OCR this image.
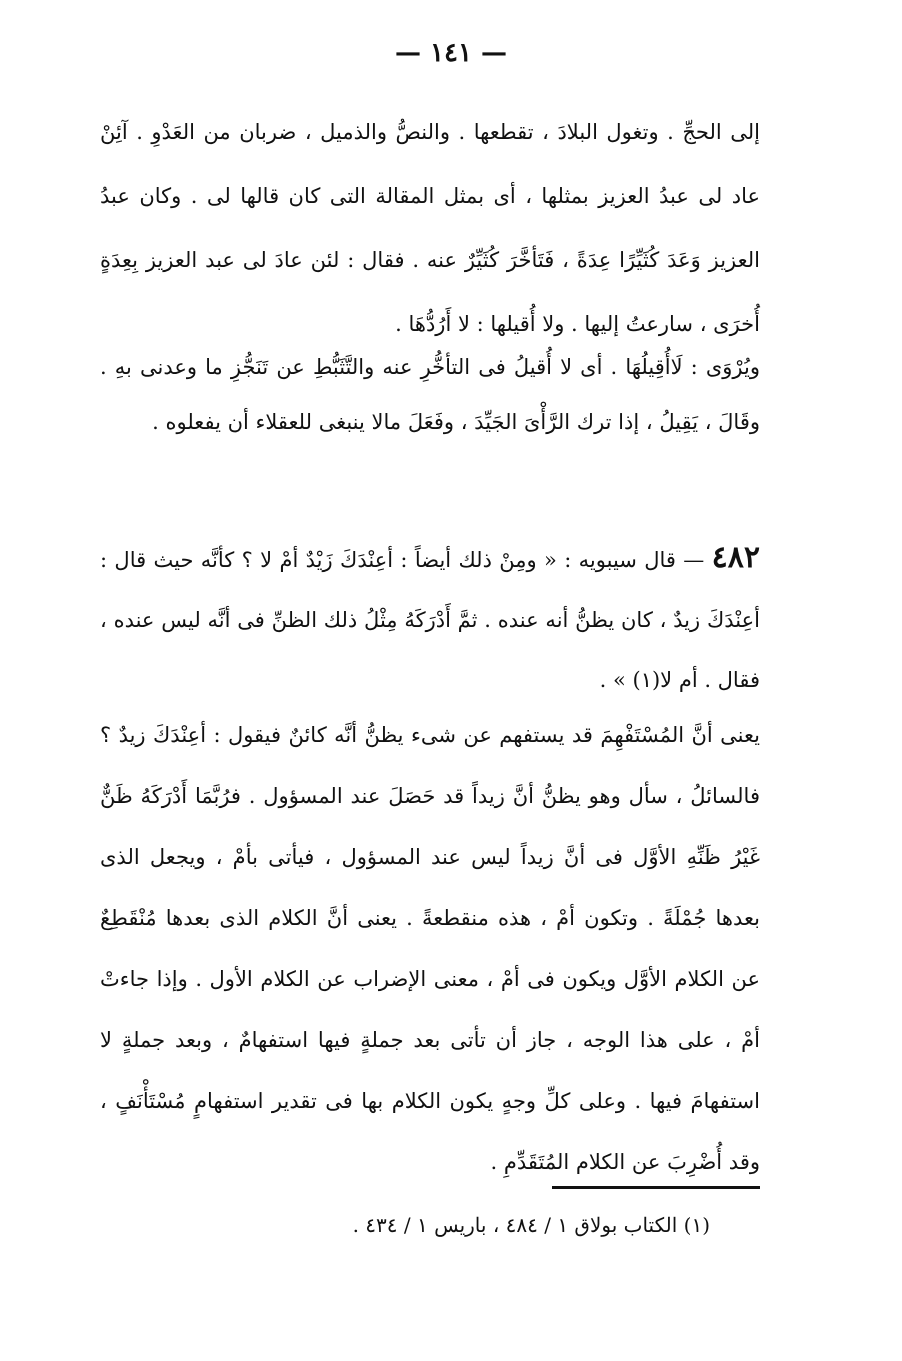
— ١٤١ —

إلى الحجِّ . وتغول البلادَ ، تقطعها . والنصُّ والذميل ، ضربان من العَدْوِ . آئِنْ عاد لى عبدُ العزيز بمثلها ، أى بمثل المقالة التى كان قالها لى . وكان عبدُ العزيز وَعَدَ كُثَيِّرًا عِدَةً ، فَتَأخَّرَ كُثَيِّرٌ عنه . فقال : لئن عادَ لى عبد العزيز بِعِدَةٍ أُخرَى ، سارعتُ إليها . ولا أُقيلها : لا أَرُدُّهَا .

ويُرْوَى : لَاأُقِيلُهَا . أى لا أُقيلُ فى التأخُّرِ عنه والتَّثَبُّطِ عن تَنَجُّزِ ما وعدنى بهِ . وقَالَ ، يَقِيلُ ، إذا ترك الرَّأْىَ الجَيِّدَ ، وفَعَلَ مالا ينبغى للعقلاء أن يفعلوه .

٤٨٢ — قال سيبويه : « ومِنْ ذلك أيضاً : أعِنْدَكَ زَيْدٌ أمْ لا ؟ كأنَّه حيث قال : أعِنْدَكَ زيدٌ ، كان يظنُّ أنه عنده . ثمَّ أَدْرَكَهُ مِثْلُ ذلك الظنِّ فى أنَّه ليس عنده ، فقال . أم لا(١) » .

يعنى أنَّ المُسْتَفْهِمَ قد يستفهم عن شىء يظنُّ أنَّه كائنٌ فيقول : أعِنْدَكَ زيدٌ ؟ فالسائلُ ، سأل وهو يظنُّ أنَّ زيداً قد حَصَلَ عند المسؤول . فرُبَّمَا أَدْرَكَهُ ظَنٌّ غَيْرُ ظَنِّهِ الأوَّل فى أنَّ زيداً ليس عند المسؤول ، فيأتى بأمْ ، ويجعل الذى بعدها جُمْلَةً . وتكون أمْ ، هذه منقطعةً . يعنى أنَّ الكلام الذى بعدها مُنْقَطِعٌ عن الكلام الأوَّل ويكون فى أمْ ، معنى الإضراب عن الكلام الأول . وإذا جاءتْ أمْ ، على هذا الوجه ، جاز أن تأتى بعد جملةٍ فيها استفهامٌ ، وبعد جملةٍ لا استفهامَ فيها . وعلى كلِّ وجهٍ يكون الكلام بها فى تقدير استفهامٍ مُسْتَأْنَفٍ ، وقد أُضْرِبَ عن الكلام المُتَقَدِّمِ .

(١) الكتاب بولاق ١ / ٤٨٤ ، باريس ١ / ٤٣٤ .
